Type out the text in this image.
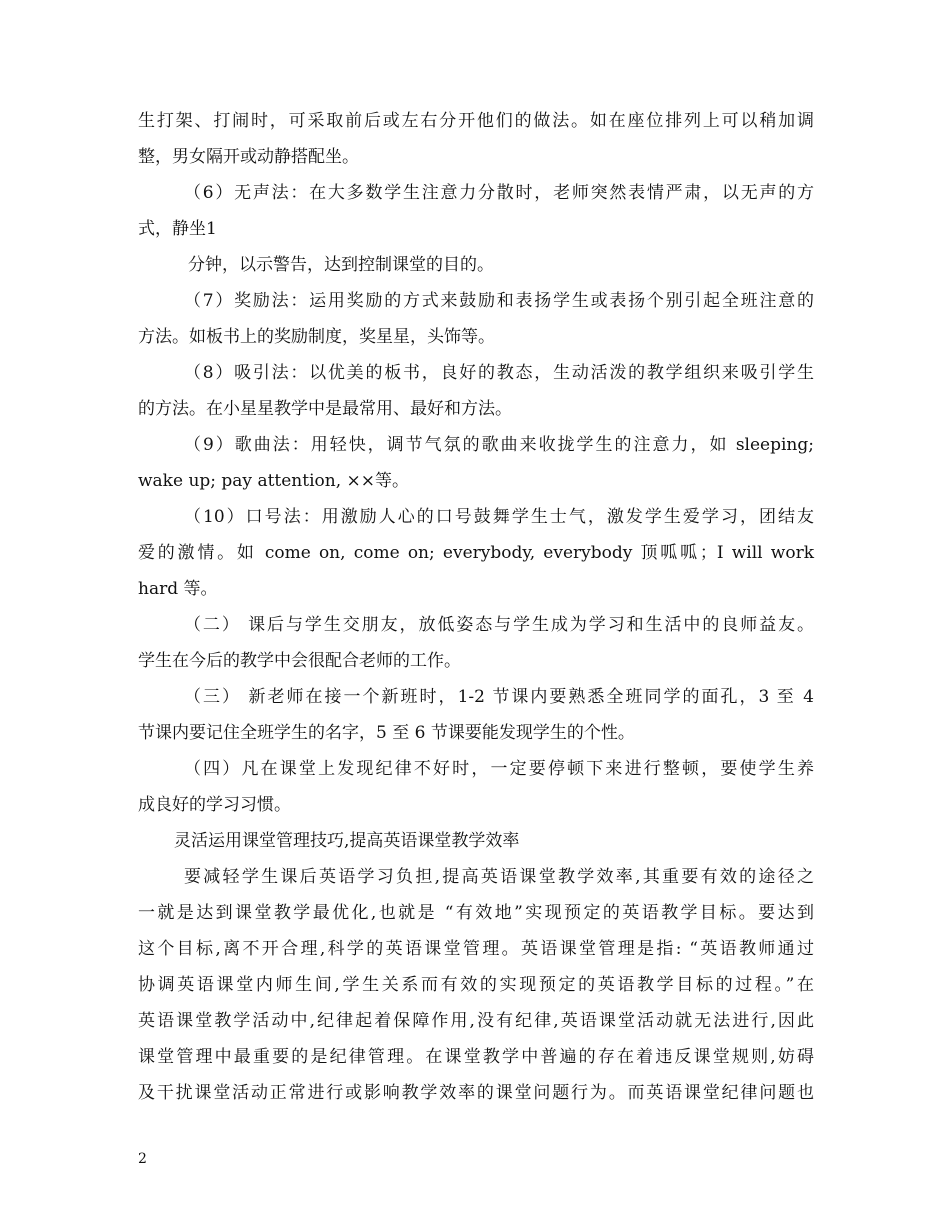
生打架、打闹时，可采取前后或左右分开他们的做法。如在座位排列上可以稍加调
整，男女隔开或动静搭配坐。
（6）无声法：在大多数学生注意力分散时，老师突然表情严肃，以无声的方
式，静坐1
分钟，以示警告，达到控制课堂的目的。
（7）奖励法：运用奖励的方式来鼓励和表扬学生或表扬个别引起全班注意的
方法。如板书上的奖励制度，奖星星，头饰等。
（8）吸引法：以优美的板书，良好的教态，生动活泼的教学组织来吸引学生
的方法。在小星星教学中是最常用、最好和方法。
（9）歌曲法：用轻快，调节气氛的歌曲来收拢学生的注意力，如 sleeping;
wake up; pay attention, ××等。
（10）口号法：用激励人心的口号鼓舞学生士气，激发学生爱学习，团结友
爱的激情。如 come on, come on; everybody, everybody 顶呱呱；I will work
hard 等。
（二） 课后与学生交朋友，放低姿态与学生成为学习和生活中的良师益友。
学生在今后的教学中会很配合老师的工作。
（三） 新老师在接一个新班时，1-2 节课内要熟悉全班同学的面孔，3 至 4
节课内要记住全班学生的名字，5 至 6 节课要能发现学生的个性。
（四）凡在课堂上发现纪律不好时，一定要停顿下来进行整顿，要使学生养
成良好的学习习惯。
灵活运用课堂管理技巧,提高英语课堂教学效率
要减轻学生课后英语学习负担,提高英语课堂教学效率,其重要有效的途径之
一就是达到课堂教学最优化,也就是 “有效地”实现预定的英语教学目标。要达到
这个目标,离不开合理,科学的英语课堂管理。英语课堂管理是指: “英语教师通过
协调英语课堂内师生间,学生关系而有效的实现预定的英语教学目标的过程。”在
英语课堂教学活动中,纪律起着保障作用,没有纪律,英语课堂活动就无法进行,因此
课堂管理中最重要的是纪律管理。在课堂教学中普遍的存在着违反课堂规则,妨碍
及干扰课堂活动正常进行或影响教学效率的课堂问题行为。而英语课堂纪律问题也
2
